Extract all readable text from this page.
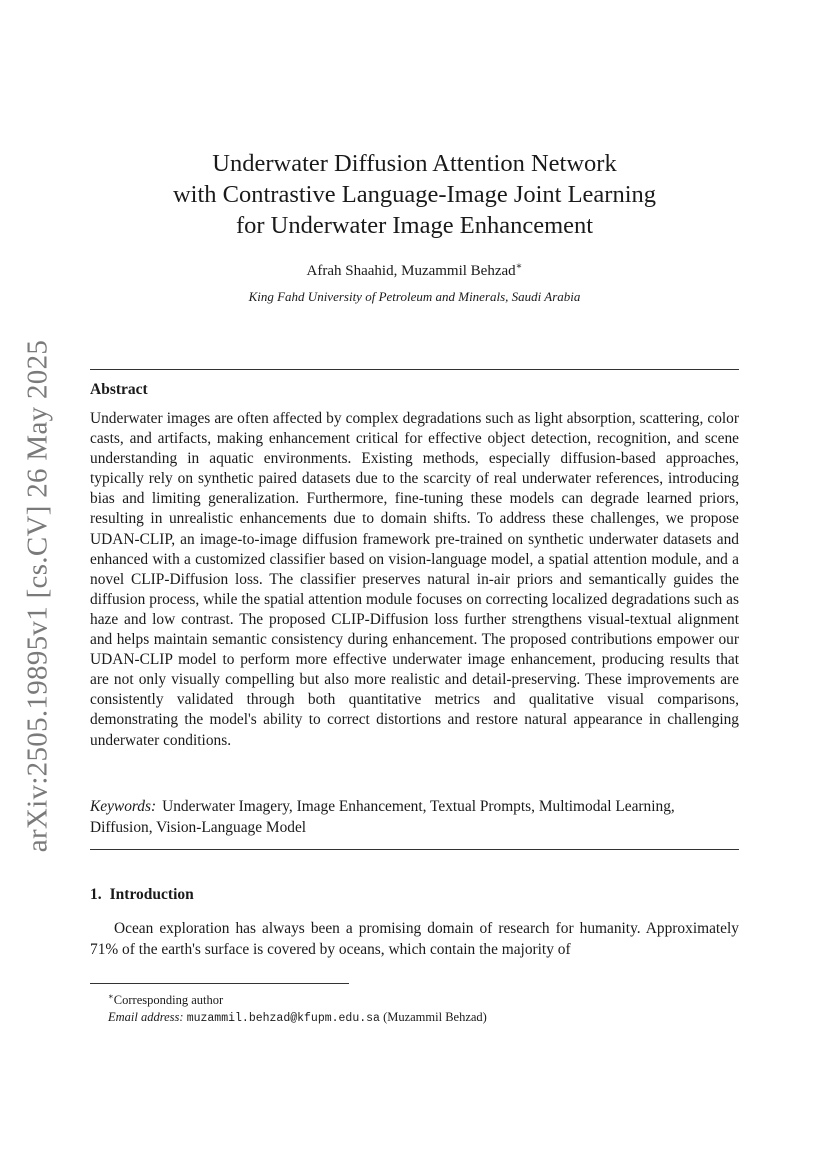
arXiv:2505.19895v1 [cs.CV] 26 May 2025
Underwater Diffusion Attention Network
with Contrastive Language-Image Joint Learning
for Underwater Image Enhancement
Afrah Shaahid, Muzammil Behzad∗
King Fahd University of Petroleum and Minerals, Saudi Arabia
Abstract
Underwater images are often affected by complex degradations such as light absorption, scattering, color casts, and artifacts, making enhancement critical for effective object detection, recognition, and scene understanding in aquatic environments. Existing methods, especially diffusion-based approaches, typically rely on synthetic paired datasets due to the scarcity of real underwater references, introducing bias and limiting generalization. Furthermore, fine-tuning these models can degrade learned priors, resulting in unrealistic enhancements due to domain shifts. To address these challenges, we propose UDAN-CLIP, an image-to-image diffusion framework pre-trained on synthetic underwater datasets and enhanced with a customized classifier based on vision-language model, a spatial attention module, and a novel CLIP-Diffusion loss. The classifier preserves natural in-air priors and semantically guides the diffusion process, while the spatial attention module focuses on correcting localized degradations such as haze and low contrast. The proposed CLIP-Diffusion loss further strengthens visual-textual alignment and helps maintain semantic consistency during enhancement. The proposed contributions empower our UDAN-CLIP model to perform more effective underwater image enhancement, producing results that are not only visually compelling but also more realistic and detail-preserving. These improvements are consistently validated through both quantitative metrics and qualitative visual comparisons, demonstrating the model's ability to correct distortions and restore natural appearance in challenging underwater conditions.
Keywords: Underwater Imagery, Image Enhancement, Textual Prompts, Multimodal Learning, Diffusion, Vision-Language Model
1. Introduction
Ocean exploration has always been a promising domain of research for humanity. Approximately 71% of the earth's surface is covered by oceans, which contain the majority of
∗Corresponding author
Email address: muzammil.behzad@kfupm.edu.sa (Muzammil Behzad)
